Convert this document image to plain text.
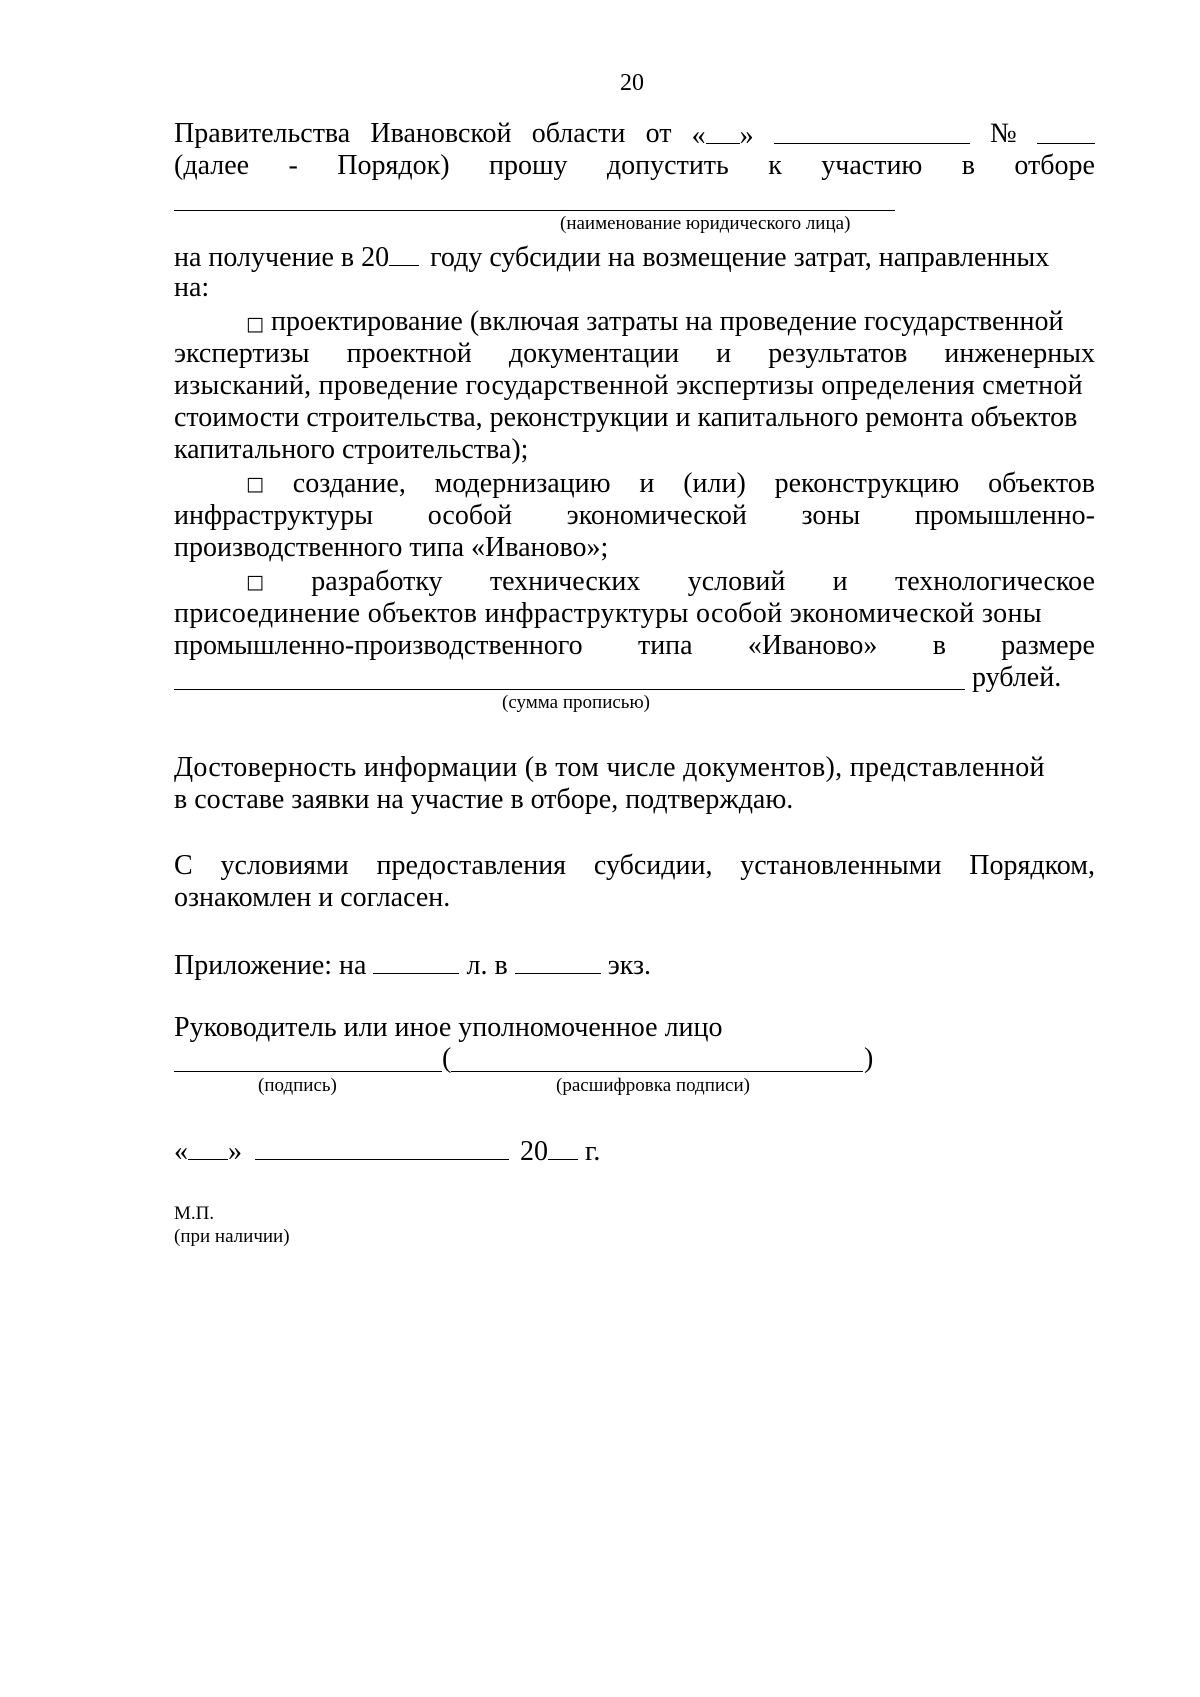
20
Правительства Ивановской области от « »	№
(далее - Порядок) прошу допустить к участию в отборе
(наименование юридического лица)
на получение в 20 году субсидии на возмещение затрат, направленных
на:
□ проектирование (включая затраты на проведение государственной
экспертизы проектной документации и результатов инженерных
изысканий, проведение государственной экспертизы определения сметной
стоимости строительства, реконструкции и капитального ремонта объектов
капитального строительства);
□ создание, модернизацию и (или) реконструкцию объектов
инфраструктуры особой экономической зоны промышленно-
производственного типа «Иваново»;
□ разработку технических условий и технологическое
присоединение объектов инфраструктуры особой экономической зоны
промышленно-производственного типа «Иваново» в размере
рублей.
(сумма прописью)
Достоверность информации (в том числе документов), представленной
в составе заявки на участие в отборе, подтверждаю.
С условиями предоставления субсидии, установленными Порядком,
ознакомлен и согласен.
Приложение: на	л. в	экз.
Руководитель или иное уполномоченное лицо
(	)
(подпись)	(расшифровка подписи)
« »	20 г.
М.П.
(при наличии)
